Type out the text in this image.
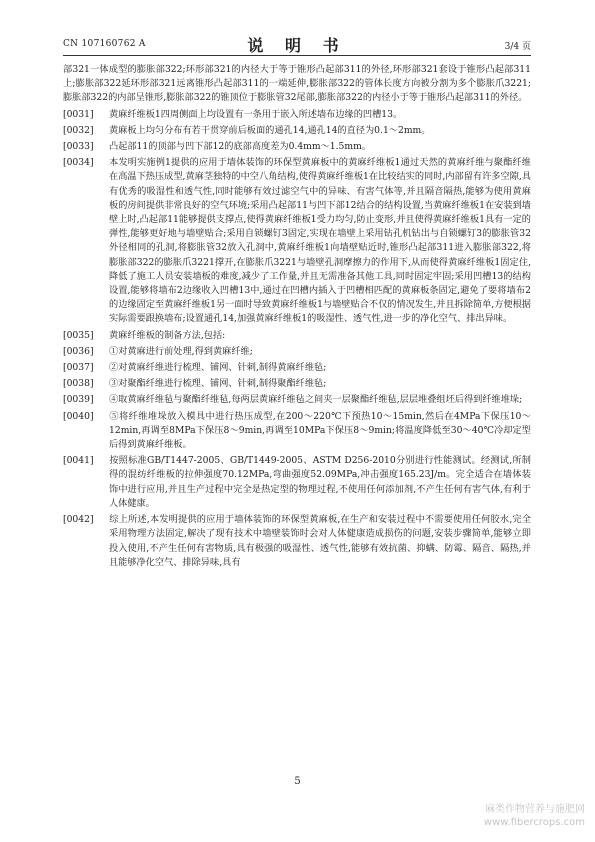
CN 107160762 A	说 明 书	3/4 页

部321一体成型的膨胀部322;环形部321的内径大于等于锥形凸起部311的外径,环形部321套设于锥形凸起部311上;膨胀部322延环形部321远离锥形凸起部311的一端延伸,膨胀部322的管体长度方向被分割为多个膨胀爪3221;膨胀部322的内部呈锥形,膨胀部322的锥顶位于膨胀管32尾部,膨胀部322的内径小于等于锥形凸起部311的外径。

[0031] 黄麻纤维板1四周侧面上均设置有一条用于嵌入所述墙布边缘的凹槽13。

[0032] 黄麻板上均匀分布有若干贯穿前后板面的通孔14,通孔14的直径为0.1～2mm。

[0033] 凸起部11的顶部与凹下部12的底部高度差为0.4mm～1.5mm。

[0034] 本发明实施例1提供的应用于墙体装饰的环保型黄麻板中的黄麻纤维板1通过天然的黄麻纤维与聚酯纤维在高温下热压成型,黄麻茎独特的中空八角结构,使得黄麻纤维板1在比较结实的同时,内部留有许多空隙,具有优秀的吸湿性和透气性,同时能够有效过滤空气中的异味、有害气体等,并且隔音隔热,能够为使用黄麻板的房间提供非常良好的空气环境;采用凸起部11与凹下部12结合的结构设置,当黄麻纤维板1在安装到墙壁上时,凸起部11能够提供支撑点,使得黄麻纤维板1受力均匀,防止变形,并且使得黄麻纤维板1具有一定的弹性,能够更好地与墙壁贴合;采用自锁螺钉3固定,实现在墙壁上采用钻孔机钻出与自锁螺钉3的膨胀管32外径相同的孔洞,将膨胀管32放入孔洞中,黄麻纤维板1向墙壁贴近时,锥形凸起部311进入膨胀部322,将膨胀部322的膨胀爪3221撑开,在膨胀爪3221与墙壁孔洞摩擦力的作用下,从而使得黄麻纤维板1固定住,降低了施工人员安装墙板的难度,减少了工作量,并且无需准备其他工具,同时固定牢固;采用凹槽13的结构设置,能够将墙布2边缘收入凹槽13中,通过在凹槽内插入于凹槽相匹配的黄麻板条固定,避免了要将墙布2的边缘固定至黄麻纤维板1另一面时导致黄麻纤维板1与墙壁贴合不仅的情况发生,并且拆除简单,方便根据实际需要跟换墙布;设置通孔14,加强黄麻纤维板1的吸湿性、透气性,进一步的净化空气、排出异味。

[0035] 黄麻纤维板的制备方法,包括:

[0036] ①对黄麻进行前处理,得到黄麻纤维;

[0037] ②对黄麻纤维进行梳理、铺网、针刺,制得黄麻纤维毡;

[0038] ③对聚酯纤维进行梳理、铺网、针刺,制得聚酯纤维毡;

[0039] ④取黄麻纤维毡与聚酯纤维毡,每两层黄麻纤维毡之间夹一层聚酯纤维毡,层层堆叠组坯后得到纤维堆垛;

[0040] ⑤将纤维堆垛放入模具中进行热压成型,在200～220℃下预热10～15min,然后在4MPa下保压10～12min,再调至8MPa下保压8～9min,再调至10MPa下保压8～9min;将温度降低至30～40℃冷却定型后得到黄麻纤维板。

[0041] 按照标准GB/T1447-2005、GB/T1449-2005、ASTM D256-2010分别进行性能测试。经测试,所制得的混纺纤维板的拉伸强度70.12MPa,弯曲强度52.09MPa,冲击强度165.23J/m。完全适合在墙体装饰中进行应用,并且生产过程中完全是热定型的物理过程,不使用任何添加剂,不产生任何有害气体,有利于人体健康。

[0042] 综上所述,本发明提供的应用于墙体装饰的环保型黄麻板,在生产和安装过程中不需要使用任何胶水,完全采用物理方法固定,解决了现有技术中墙壁装饰时会对人体健康造成损伤的问题,安装步骤简单,能够立即投入使用,不产生任何有害物质,具有极强的吸湿性、透气性,能够有效抗菌、抑螨、防霉、隔音、隔热,并且能够净化空气、排除异味,具有

5
麻类作物营养与施肥网
www.fibercrops.com
